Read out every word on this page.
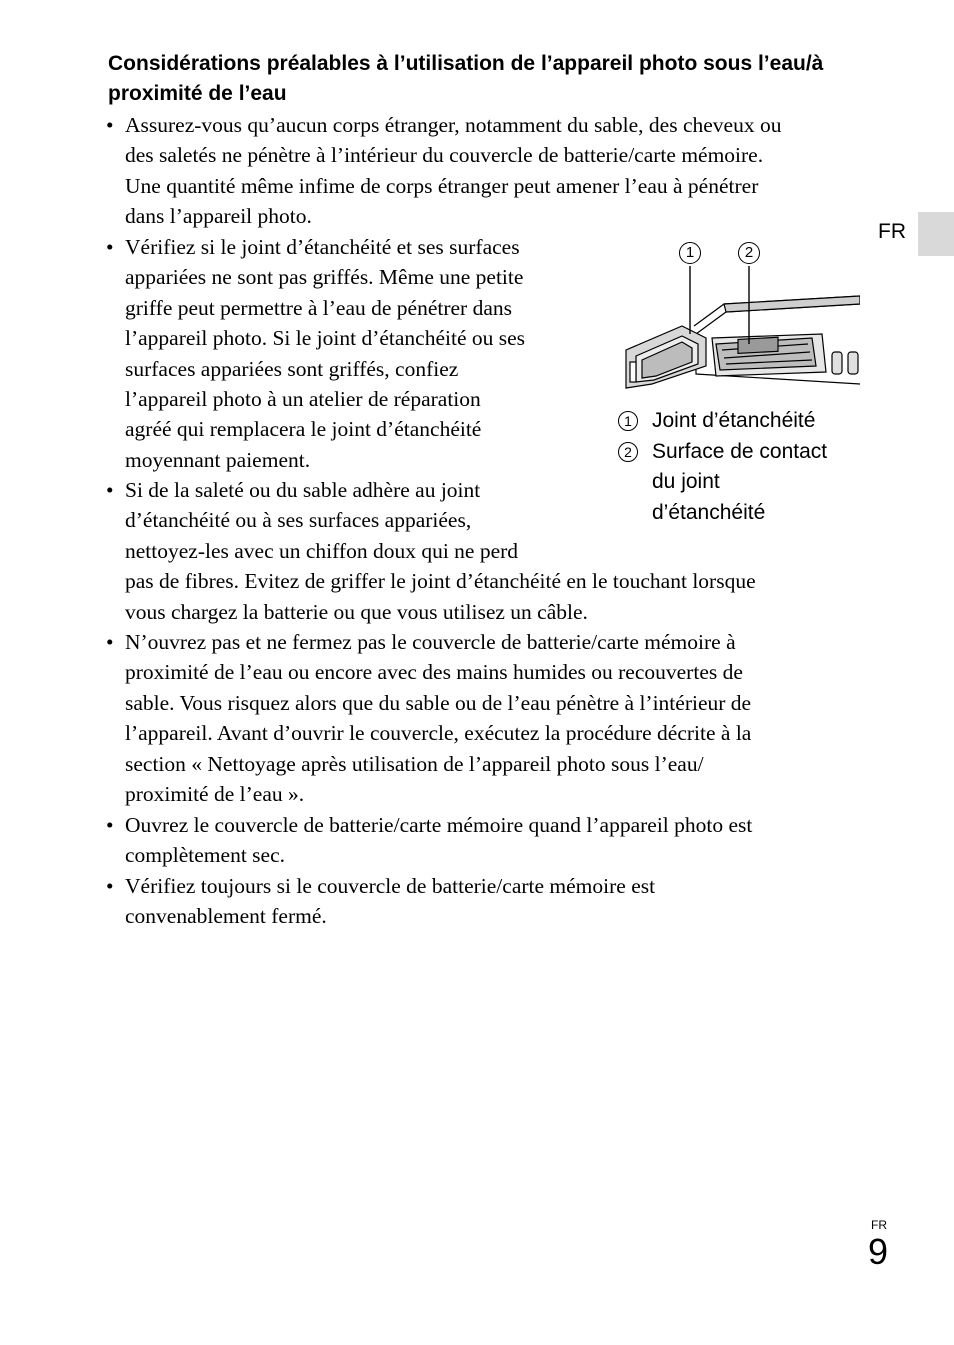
FR
Considérations préalables à l’utilisation de l’appareil photo sous l’eau/à proximité de l’eau
• Assurez-vous qu’aucun corps étranger, notamment du sable, des cheveux ou
des saletés ne pénètre à l’intérieur du couvercle de batterie/carte mémoire.
Une quantité même infime de corps étranger peut amener l’eau à pénétrer
dans l’appareil photo.
• Vérifiez si le joint d’étanchéité et ses surfaces
appariées ne sont pas griffés. Même une petite
griffe peut permettre à l’eau de pénétrer dans
l’appareil photo. Si le joint d’étanchéité ou ses
surfaces appariées sont griffés, confiez
l’appareil photo à un atelier de réparation
agréé qui remplacera le joint d’étanchéité
moyennant paiement.
• Si de la saleté ou du sable adhère au joint
d’étanchéité ou à ses surfaces appariées,
nettoyez-les avec un chiffon doux qui ne perd
pas de fibres. Evitez de griffer le joint d’étanchéité en le touchant lorsque
vous chargez la batterie ou que vous utilisez un câble.
• N’ouvrez pas et ne fermez pas le couvercle de batterie/carte mémoire à
proximité de l’eau ou encore avec des mains humides ou recouvertes de
sable. Vous risquez alors que du sable ou de l’eau pénètre à l’intérieur de
l’appareil. Avant d’ouvrir le couvercle, exécutez la procédure décrite à la
section « Nettoyage après utilisation de l’appareil photo sous l’eau/
proximité de l’eau ».
• Ouvrez le couvercle de batterie/carte mémoire quand l’appareil photo est
complètement sec.
• Vérifiez toujours si le couvercle de batterie/carte mémoire est
convenablement fermé.
1	2
1 Joint d’étanchéité
2 Surface de contact
du joint
d’étanchéité
FR
9
